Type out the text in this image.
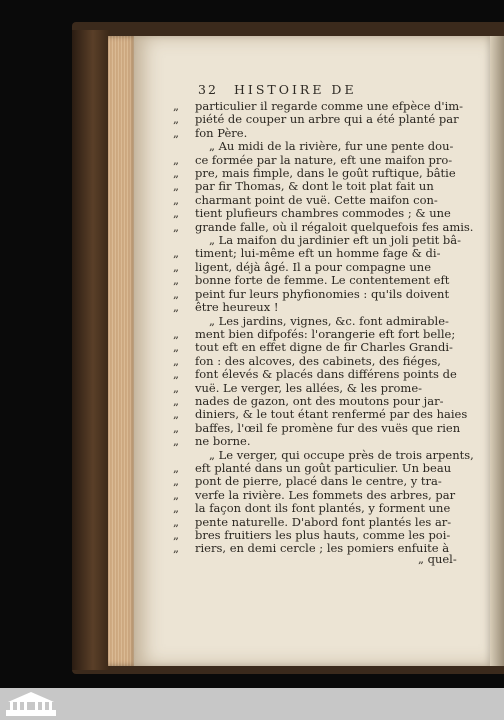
32 HISTOIRE DE
„ particulier il regarde comme une efpèce d'im-
„ piété de couper un arbre qui a été planté par
„ fon Père.
„ Au midi de la rivière, fur une pente dou-
„ ce formée par la nature, eft une maifon pro-
„ pre, mais fimple, dans le goût ruftique, bâtie
„ par fir Thomas, & dont le toit plat fait un
„ charmant point de vuë. Cette maifon con-
„ tient plufieurs chambres commodes ; & une
„ grande falle, où il régaloit quelquefois fes amis.
„ La maifon du jardinier eft un joli petit bâ-
„ timent; lui-même eft un homme fage & di-
„ ligent, déjà âgé. Il a pour compagne une
„ bonne forte de femme. Le contentement eft
„ peint fur leurs phyfionomies : qu'ils doivent
„ être heureux !
„ Les jardins, vignes, &c. font admirable-
„ ment bien difpofés: l'orangerie eft fort belle;
„ tout eft en effet digne de fir Charles Grandi-
„ fon : des alcoves, des cabinets, des fiéges,
„ font élevés & placés dans différens points de
„ vuë. Le verger, les allées, & les prome-
„ nades de gazon, ont des moutons pour jar-
„ diniers, & le tout étant renfermé par des haies
„ baffes, l'œil fe promène fur des vuës que rien
„ ne borne.
„ Le verger, qui occupe près de trois arpents,
„ eft planté dans un goût particulier. Un beau
„ pont de pierre, placé dans le centre, y tra-
„ verfe la rivière. Les fommets des arbres, par
„ la façon dont ils font plantés, y forment une
„ pente naturelle. D'abord font plantés les ar-
„ bres fruitiers les plus hauts, comme les poi-
„ riers, en demi cercle ; les pomiers enfuite à
„ quel-
